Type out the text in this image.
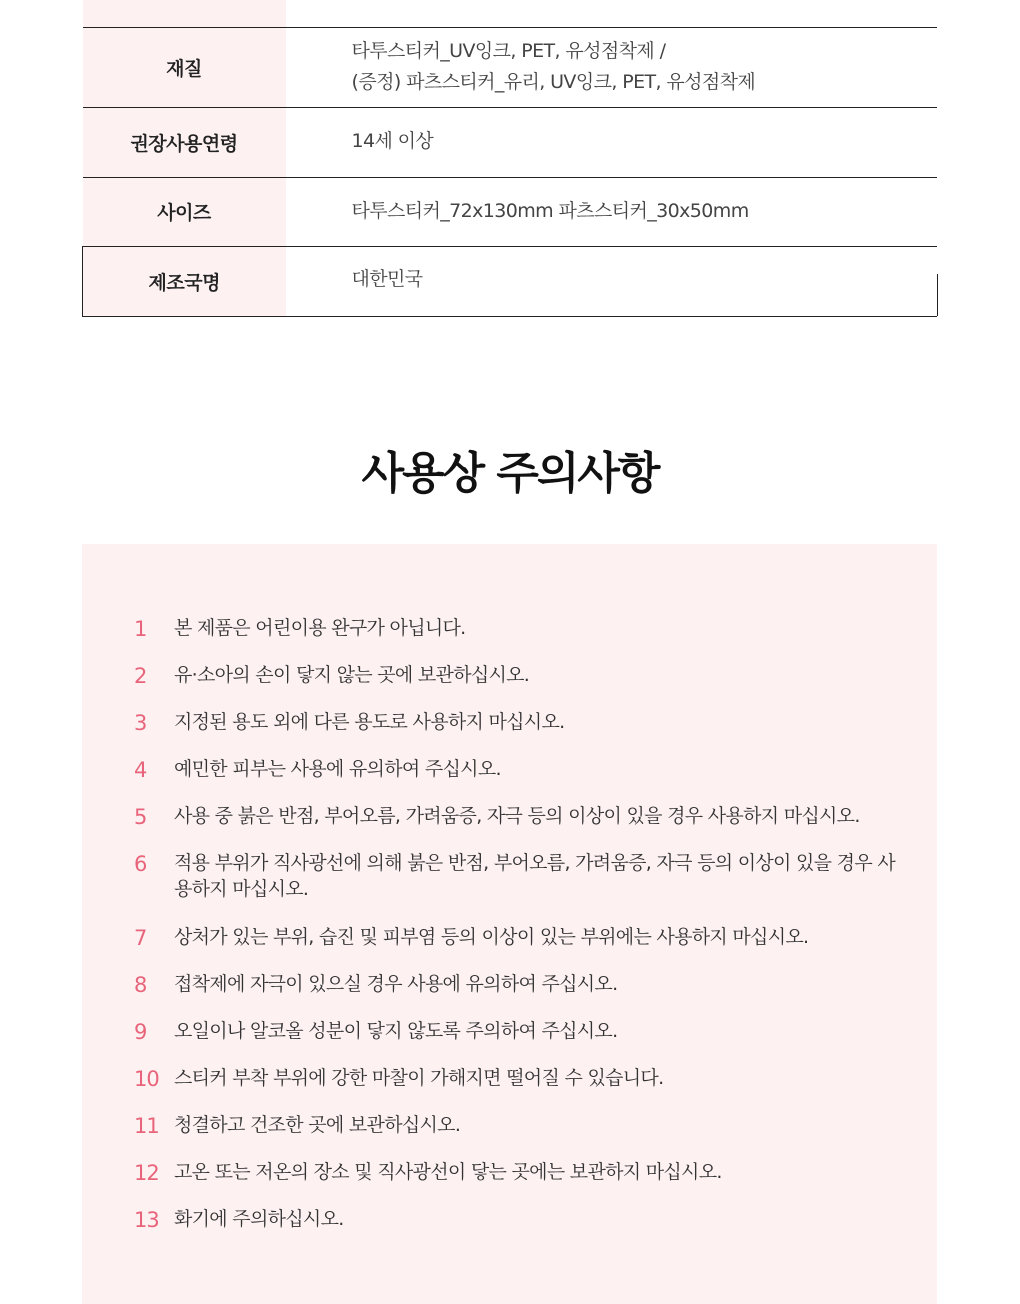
재질	타투스티커_UV잉크, PET, 유성점착제 /
(증정) 파츠스티커_유리, UV잉크, PET, 유성점착제

권장사용연령	14세 이상

사이즈	타투스티커_72x130mm 파츠스티커_30x50mm

제조국명	대한민국
사용상 주의사항
1 본 제품은 어린이용 완구가 아닙니다.
2 유·소아의 손이 닿지 않는 곳에 보관하십시오.
3 지정된 용도 외에 다른 용도로 사용하지 마십시오.
4 예민한 피부는 사용에 유의하여 주십시오.
5 사용 중 붉은 반점, 부어오름, 가려움증, 자극 등의 이상이 있을 경우 사용하지 마십시오.
6 적용 부위가 직사광선에 의해 붉은 반점, 부어오름, 가려움증, 자극 등의 이상이 있을 경우 사용하지 마십시오.
7 상처가 있는 부위, 습진 및 피부염 등의 이상이 있는 부위에는 사용하지 마십시오.
8 접착제에 자극이 있으실 경우 사용에 유의하여 주십시오.
9 오일이나 알코올 성분이 닿지 않도록 주의하여 주십시오.
10 스티커 부착 부위에 강한 마찰이 가해지면 떨어질 수 있습니다.
11 청결하고 건조한 곳에 보관하십시오.
12 고온 또는 저온의 장소 및 직사광선이 닿는 곳에는 보관하지 마십시오.
13 화기에 주의하십시오.
